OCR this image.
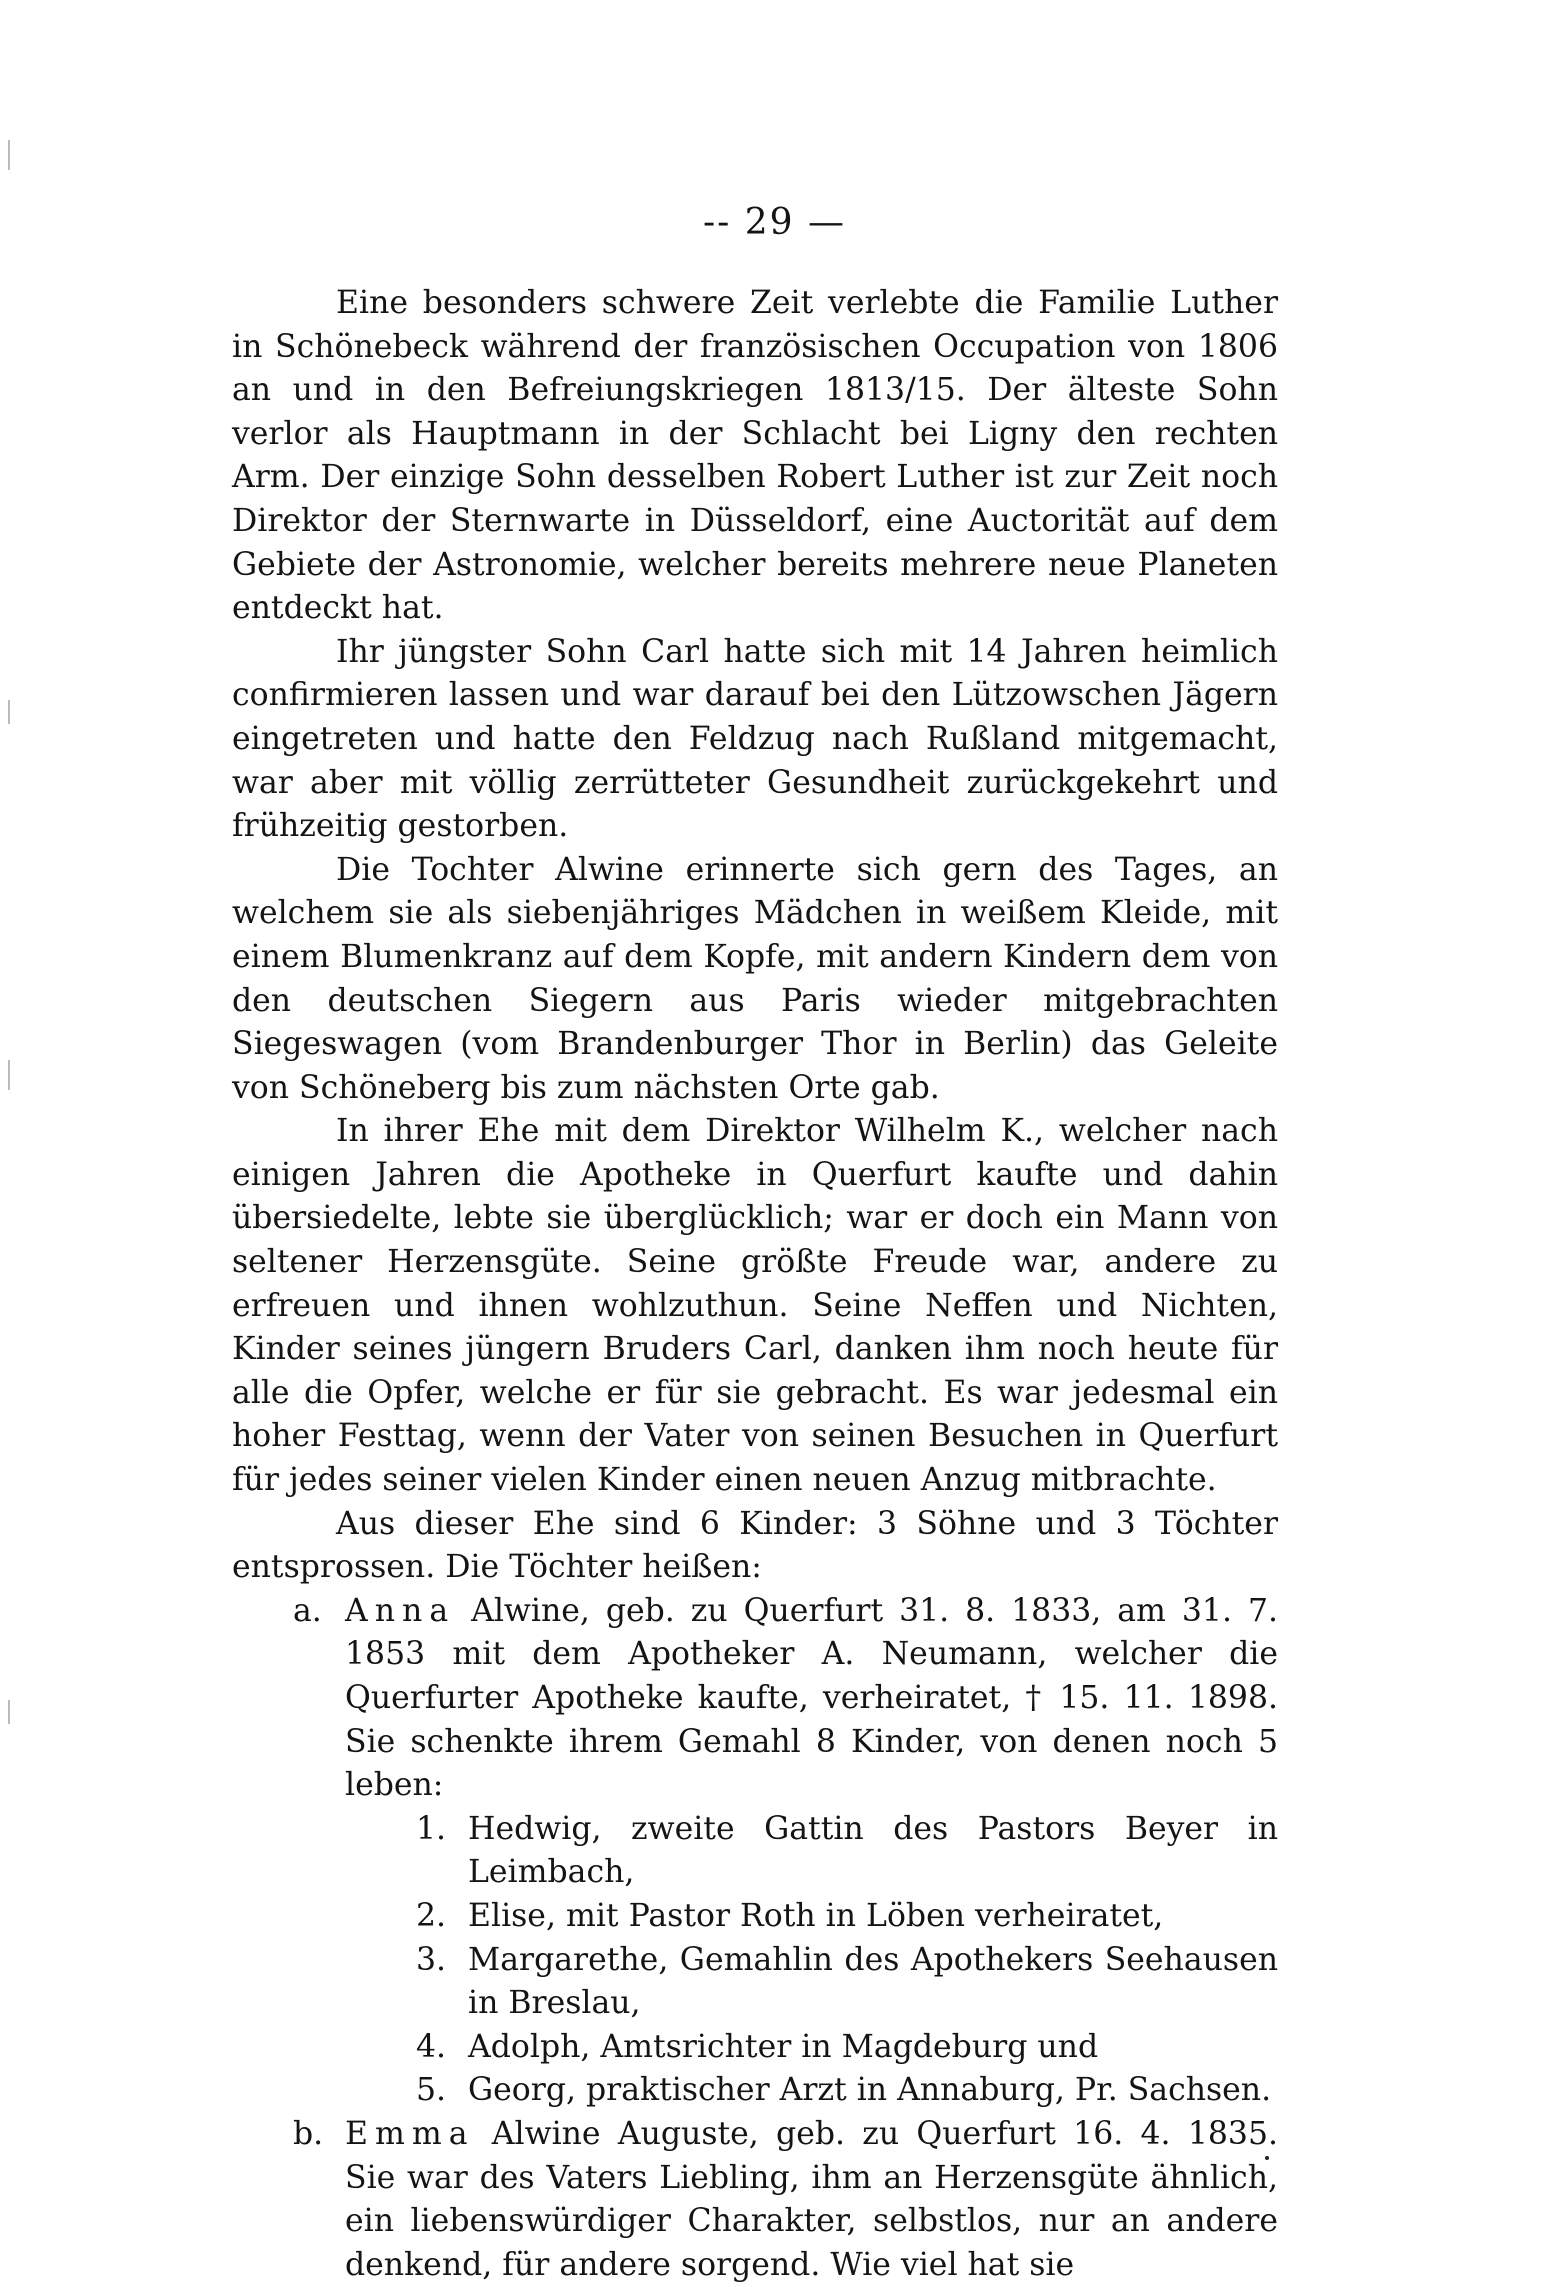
-- 29 —

Eine besonders schwere Zeit verlebte die Familie Luther in Schönebeck während der französischen Occupation von 1806 an und in den Befreiungskriegen 1813/15. Der älteste Sohn verlor als Hauptmann in der Schlacht bei Ligny den rechten Arm. Der einzige Sohn desselben Robert Luther ist zur Zeit noch Direktor der Sternwarte in Düsseldorf, eine Auctorität auf dem Gebiete der Astronomie, welcher bereits mehrere neue Planeten entdeckt hat.

Ihr jüngster Sohn Carl hatte sich mit 14 Jahren heimlich confirmieren lassen und war darauf bei den Lützowschen Jägern eingetreten und hatte den Feldzug nach Rußland mitgemacht, war aber mit völlig zerrütteter Gesundheit zurückgekehrt und frühzeitig gestorben.

Die Tochter Alwine erinnerte sich gern des Tages, an welchem sie als siebenjähriges Mädchen in weißem Kleide, mit einem Blumenkranz auf dem Kopfe, mit andern Kindern dem von den deutschen Siegern aus Paris wieder mitgebrachten Siegeswagen (vom Brandenburger Thor in Berlin) das Geleite von Schöneberg bis zum nächsten Orte gab.

In ihrer Ehe mit dem Direktor Wilhelm K., welcher nach einigen Jahren die Apotheke in Querfurt kaufte und dahin übersiedelte, lebte sie überglücklich; war er doch ein Mann von seltener Herzensgüte. Seine größte Freude war, andere zu erfreuen und ihnen wohlzuthun. Seine Neffen und Nichten, Kinder seines jüngern Bruders Carl, danken ihm noch heute für alle die Opfer, welche er für sie gebracht. Es war jedesmal ein hoher Festtag, wenn der Vater von seinen Besuchen in Querfurt für jedes seiner vielen Kinder einen neuen Anzug mitbrachte.

Aus dieser Ehe sind 6 Kinder: 3 Söhne und 3 Töchter entsprossen. Die Töchter heißen:

a. Anna Alwine, geb. zu Querfurt 31. 8. 1833, am 31. 7. 1853 mit dem Apotheker A. Neumann, welcher die Querfurter Apotheke kaufte, verheiratet, † 15. 11. 1898. Sie schenkte ihrem Gemahl 8 Kinder, von denen noch 5 leben:
1. Hedwig, zweite Gattin des Pastors Beyer in Leimbach,
2. Elise, mit Pastor Roth in Löben verheiratet,
3. Margarethe, Gemahlin des Apothekers Seehausen in Breslau,
4. Adolph, Amtsrichter in Magdeburg und
5. Georg, praktischer Arzt in Annaburg, Pr. Sachsen.
b. Emma Alwine Auguste, geb. zu Querfurt 16. 4. 1835. Sie war des Vaters Liebling, ihm an Herzensgüte ähnlich, ein liebenswürdiger Charakter, selbstlos, nur an andere denkend, für andere sorgend. Wie viel hat sie
